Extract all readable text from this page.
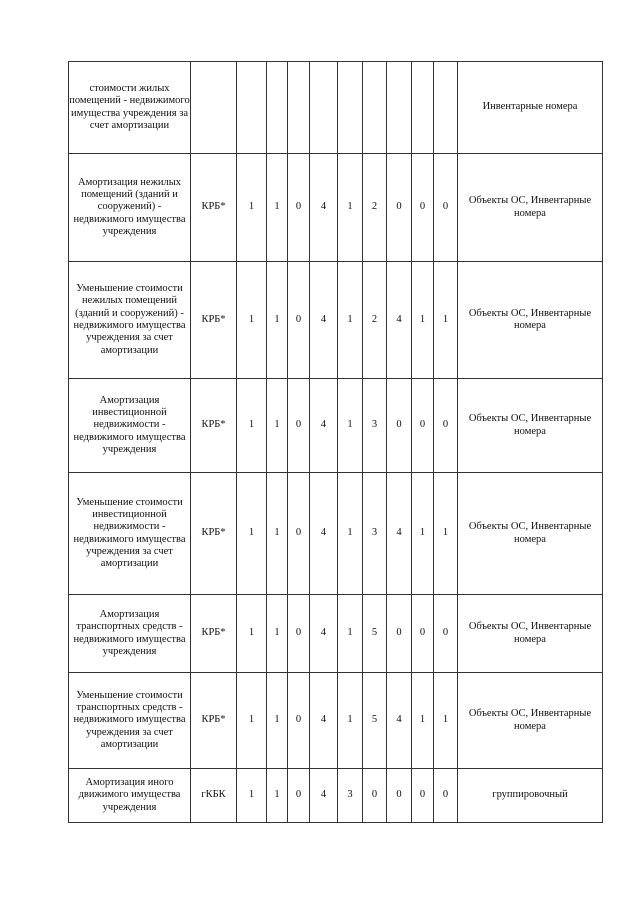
стоимости жилых помещений - недвижимого имущества учреждения за счет амортизации											Инвентарные номера
Амортизация нежилых помещений (зданий и сооружений) - недвижимого имущества учреждения	КРБ*	1	1	0	4	1	2	0	0	0	Объекты ОС, Инвентарные номера
Уменьшение стоимости нежилых помещений (зданий и сооружений) - недвижимого имущества учреждения за счет амортизации	КРБ*	1	1	0	4	1	2	4	1	1	Объекты ОС, Инвентарные номера
Амортизация инвестиционной недвижимости - недвижимого имущества учреждения	КРБ*	1	1	0	4	1	3	0	0	0	Объекты ОС, Инвентарные номера
Уменьшение стоимости инвестиционной недвижимости - недвижимого имущества учреждения за счет амортизации	КРБ*	1	1	0	4	1	3	4	1	1	Объекты ОС, Инвентарные номера
Амортизация транспортных средств - недвижимого имущества учреждения	КРБ*	1	1	0	4	1	5	0	0	0	Объекты ОС, Инвентарные номера
Уменьшение стоимости транспортных средств - недвижимого имущества учреждения за счет амортизации	КРБ*	1	1	0	4	1	5	4	1	1	Объекты ОС, Инвентарные номера
Амортизация иного движимого имущества учреждения	гКБК	1	1	0	4	3	0	0	0	0	группировочный
